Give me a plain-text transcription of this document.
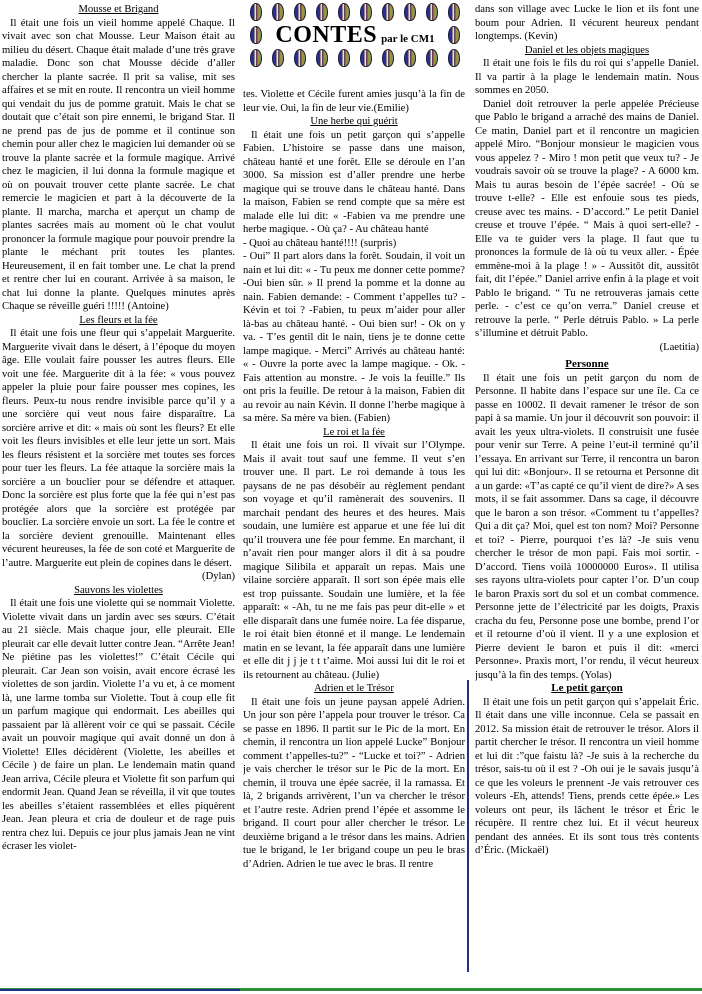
Mousse et Brigand

Il était une fois un vieil homme appelé Chaque. Il vivait avec son chat Mousse. Leur Maison était au milieu du désert. Chaque était malade d’une très grave maladie. Donc son chat Mousse décide d’aller chercher la plante sacrée. Il prit sa valise, mit ses affaires et se mit en route. Il rencontra un vieil homme qui vendait du jus de pomme gratuit. Mais le chat se doutait que c’était son pire ennemi, le brigand Star. Il ne prend pas de jus de pomme et il continue son chemin pour aller chez le magicien lui demander où se trouve la plante sacrée et la formule magique. Arrivé chez le magicien, il lui donna la formule magique et où on pouvait trouver cette plante sacrée. Le chat remercie le magicien et part à la découverte de la plante. Il marcha, marcha et aperçut un champ de plantes sacrées mais au moment où le chat voulut prononcer la formule magique pour pouvoir prendre la plante le méchant prit toutes les plantes. Heureusement, il en fait tomber une. Le chat la prend et rentre cher lui en courant. Arrivée à sa maison, le chat lui donne la plante. Quelques minutes après Chaque se réveille guéri !!!!! (Antoine)

Les fleurs et la fée

Il était une fois une fleur qui s’appelait Marguerite. Marguerite vivait dans le désert, à l’époque du moyen âge. Elle voulait faire pousser les autres fleurs. Elle voit une fée. Marguerite dit à la fée: « vous pouvez appeler la pluie pour faire pousser mes copines, les fleurs. Peux-tu nous rendre invisible parce qu’il y a une sorcière qui veut nous faire disparaître. La sorcière arrive et dit: « mais où sont les fleurs? Et elle voit les fleurs invisibles et elle leur jette un sort. Mais les fleurs résistent et la sorcière met toutes ses forces pour tuer les fleurs. La fée attaque la sorcière mais la sorcière a un bouclier pour se défendre et attaquer. Donc la sorcière est plus forte que la fée qui n’est pas protégée alors que la sorcière est protégée par bouclier. La sorcière envoie un sort. La fée le contre et la sorcière devient grenouille. Maintenant elles vécurent heureuses, la fée de son coté et Marguerite de l’autre. Marguerite eut plein de copines dans le désert.

(Dylan)

Sauvons les violettes

Il était une fois une violette qui se nommait Violette. Violette vivait dans un jardin avec ses sœurs. C’était au 21 siècle. Mais chaque jour, elle pleurait. Elle pleurait car elle devait lutter contre Jean. “Arrête Jean! Ne piétine pas les violettes!” C’était Cécile qui pleurait. Car Jean son voisin, avait encore écrasé les violettes de son jardin. Violette l’a vu et, à ce moment là, une larme tomba sur Violette. Tout à coup elle fit un parfum magique qui endormait. Les abeilles qui passaient par là allèrent voir ce qui se passait. Cécile avait un pouvoir magique qui avait donné un don à Violette! Elles décidèrent (Violette, les abeilles et Cécile ) de faire un plan. Le lendemain matin quand Jean arriva, Cécile pleura et Violette fit son parfum qui endormit Jean. Quand Jean se réveilla, il vit que toutes les abeilles s’étaient rassemblées et elles piquèrent Jean. Jean pleura et cria de douleur et de rage puis rentra chez lui. Depuis ce jour plus jamais Jean ne vint écraser les violet-

CONTES par le CM1

tes. Violette et Cécile furent amies jusqu’à la fin de leur vie. Oui, la fin de leur vie.(Emilie)

Une herbe qui guérit

Il était une fois un petit garçon qui s’appelle Fabien. L’histoire se passe dans une maison, château hanté et une forêt. Elle se déroule en l’an 3000. Sa mission est d’aller prendre une herbe magique qui se trouve dans le château hanté. Dans la maison, Fabien se rend compte que sa mère est malade elle lui dit: « -Fabien va me prendre une herbe magique. - Où ça? - Au château hanté

- Quoi au château hanté!!!! (surpris)

- Oui” Il part alors dans la forêt. Soudain, il voit un nain et lui dit: « - Tu peux me donner cette pomme? -Oui bien sûr. » Il prend la pomme et la donne au nain. Fabien demande: - Comment t’appelles tu? - Kévin et toi ? -Fabien, tu peux m’aider pour aller là-bas au château hanté. - Oui bien sur! - Ok on y va. - T’es gentil dit le nain, tiens je te donne cette lampe magique. - Merci” Arrivés au château hanté: « - Ouvre la porte avec la lampe magique. - Ok. - Fais attention au monstre. - Je vois la feuille.” Ils ont pris la feuille. De retour à la maison, Fabien dit au revoir au nain Kévin. Il donne l’herbe magique à sa mère. Sa mère va bien. (Fabien)

Le roi et la fée

Il était une fois un roi. Il vivait sur l’Olympe. Mais il avait tout sauf une femme. Il veut s’en trouver une. Il part. Le roi demande à tous les paysans de ne pas désobéir au règlement pendant son voyage et qu’il ramènerait des souvenirs. Il marchait pendant des heures et des heures. Mais soudain, une lumière est apparue et une fée lui dit qu’il trouvera une fée pour femme. En marchant, il n’avait rien pour manger alors il dit à sa poudre magique Silibila et apparaît un repas. Mais une vilaine sorcière apparaît. Il sort son épée mais elle est trop puissante. Soudain une lumière, et la fée apparaît: « -Ah, tu ne me fais pas peur dit-elle » et elle disparaît dans une fumée noire. La fée disparue, le roi était bien étonné et il mange. Le lendemain matin en se levant, la fée apparaît dans une lumière et elle dit j j je t t t’aime. Moi aussi lui dit le roi et ils retournent au château. (Julie)

Adrien et le Trésor

Il était une fois un jeune paysan appelé Adrien. Un jour son père l’appela pour trouver le trésor. Ca se passe en 1896. Il partit sur le Pic de la mort. En chemin, il rencontra un lion appelé Lucke” Bonjour comment t’appelles-tu?” - “Lucke et toi?” - Adrien je vais chercher le trésor sur le Pic de la mort. En chemin, il trouva une épée sacrée, il la ramassa. Et là, 2 brigands arrivèrent, l’un va chercher le trésor et l’autre reste. Adrien prend l’épée et assomme le brigand. Il court pour aller chercher le trésor. Le deuxième brigand a le trésor dans les mains. Adrien tue le brigand, le 1er brigand coupe un peu le bras d’Adrien. Adrien le tue avec le bras. Il rentre

dans son village avec Lucke le lion et ils font une boum pour Adrien. Il vécurent heureux pendant longtemps. (Kevin)

Daniel et les objets magiques

Il était une fois le fils du roi qui s’appelle Daniel. Il va partir à la plage le lendemain matin. Nous sommes en 2050.

Daniel doit retrouver la perle appelée Précieuse que Pablo le brigand a arraché des mains de Daniel. Ce matin, Daniel part et il rencontre un magicien appelé Miro. “Bonjour monsieur le magicien vous vous appelez ? - Miro ! mon petit que veux tu? - Je voudrais savoir où se trouve la plage? - A 6000 km. Mais tu auras besoin de l’épée sacrée! - Où se trouve t-elle? - Elle est enfouie sous tes pieds, creuse avec tes mains. - D’accord.” Le petit Daniel creuse et trouve l’épée. “ Mais à quoi sert-elle? - Elle va te guider vers la plage. Il faut que tu prononces la formule de là où tu veux aller. - Épée emmène-moi à la plage ! » - Aussitôt dit, aussitôt fait, dit l’épée.” Daniel arrive enfin à la plage et voit Pablo le brigand. “ Tu ne retrouveras jamais cette perle. - c’est ce qu’on verra.” Daniel creuse et retrouve la perle. “ Perle détruis Pablo. » La perle s’illumine et détruit Pablo.

(Laetitia)

Personne

Il était une fois un petit garçon du nom de Personne. Il habite dans l’espace sur une île. Ca ce passe en 10002. Il devait ramener le trésor de son papi à sa mamie. Un jour il découvrit son pouvoir: il avait les yeux ultra-violets. Il construisit une fusée pour venir sur Terre. A peine l’eut-il terminé qu’il l’essaya. En arrivant sur Terre, il rencontra un baron qui lui dit: «Bonjour». Il se retourna et Personne dit a un garde: «T’as capté ce qu’il vient de dire?» A ses mots, il se fait assommer. Dans sa cage, il découvre que le baron a son trésor. «Comment tu t’appelles? Qui a dit ça? Moi, quel est ton nom? Moi? Personne et toi? - Pierre, pourquoi t’es là? -Je suis venu chercher le trésor de mon papi. Fais moi sortir. - D’accord. Tiens voilà 10000000 Euros». Il utilisa ses rayons ultra-violets pour capter l’or. D’un coup le baron Praxis sort du sol et un combat commence. Personne jette de l’électricité par les doigts, Praxis cracha du feu, Personne pose une bombe, prend l’or et il retourne d’où il vient. Il y a une explosion et Pierre devient le baron et puis il dit: «merci Personne». Praxis mort, l’or rendu, il vécut heureux jusqu’à la fin des temps. (Yolas)

Le petit garçon

Il était une fois un petit garçon qui s’appelait Éric. Il était dans une ville inconnue. Cela se passait en 2012. Sa mission était de retrouver le trésor. Alors il partit chercher le trésor. Il rencontra un vieil homme et lui dit :”que faistu là? -Je suis à la recherche du trésor, sais-tu où il est ? -Oh oui je le savais jusqu’à ce que les voleurs le prennent -Je vais retrouver ces voleurs -Eh, attends! Tiens, prends cette épée.» Les voleurs ont peur, ils lâchent le trésor et Éric le récupère. Il rentre chez lui. Et il vécut heureux pendant des années. Et ils sont tous très contents d’Éric. (Mickaël)
